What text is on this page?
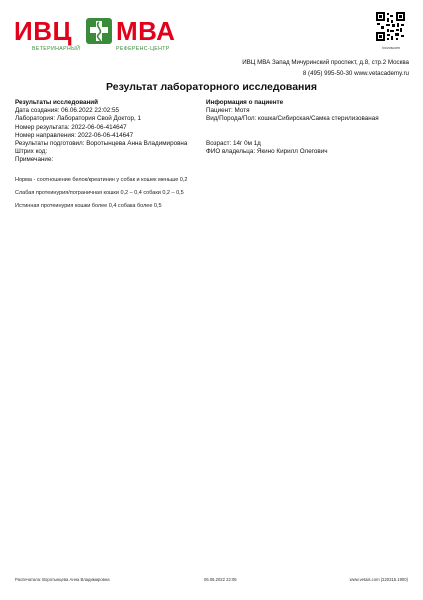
ИВЦ МВА
ВЕТЕРИНАРНЫЙ	РЕФЕРЕНС-ЦЕНТР	ivcvoscom
ИВЦ МВА Запад Мичуринский проспект, д.8, стр.2 Москва
8 (495) 995-50-30 www.vetacademy.ru
Результат лабораторного исследования
Результаты исследований
Дата создания: 06.06.2022 22:02:55
Лаборатория: Лаборатория Свой Доктор, 1
Номер результата: 2022-06-06-414647
Номер направления: 2022-06-06-414647
Результаты подготовил: Воротынцева Анна Владимировна
Штрих код:
Примечание:
Информация о пациенте
Пациент: Мотя
Вид/Порода/Пол: кошка/Сибирская/Самка стерилизованая
Возраст: 14г 0м 1д
ФИО владельца: Якино Кирилл Олегович

Норма - соотношение белок/креатинин у собак и кошек меньше 0,2

Слабая протеинурия/пограничная кошки 0,2 – 0,4 собаки 0,2 – 0,5

Истинная протеинурия кошки более 0,4 собака более 0,5

Распечатала: Воротынцева Анна Владимировна	06.06.2022 22:05	www.vetais.com (220315.1900)
